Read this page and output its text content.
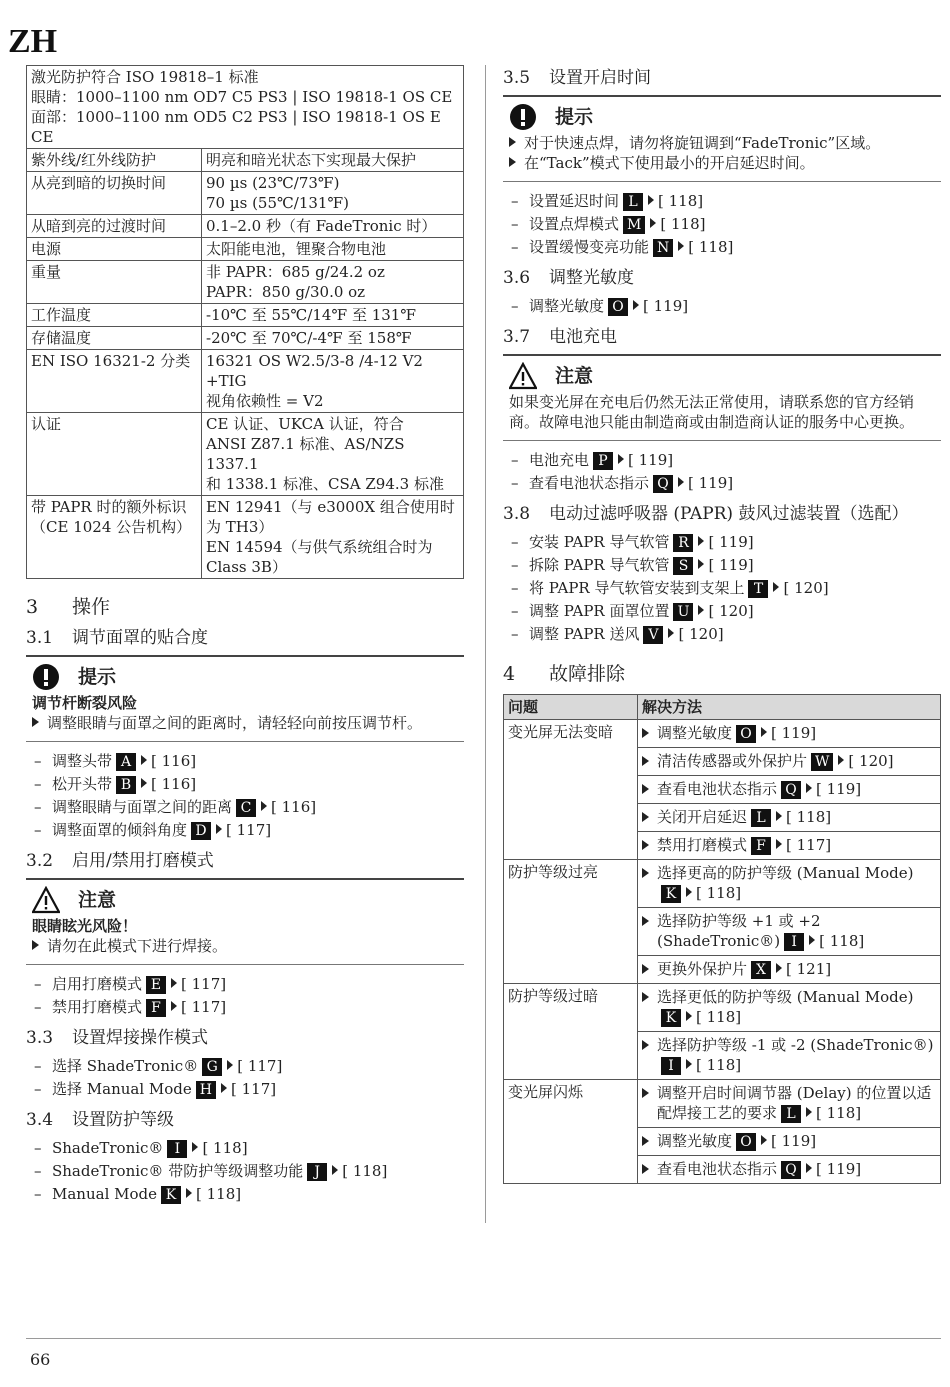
ZH
激光防护符合 ISO 19818–1 标准
眼睛：1000–1100 nm OD7 C5 PS3 | ISO 19818-1 OS CE
面部：1000–1100 nm OD5 C2 PS3 | ISO 19818-1 OS E CE	

紫外线/红外线防护	明亮和暗光状态下实现最大保护

从亮到暗的切换时间	90 µs (23℃/73℉)
70 µs (55℃/131℉)

从暗到亮的过渡时间	0.1–2.0 秒（有 FadeTronic 时）

电源	太阳能电池，锂聚合物电池

重量	非 PAPR：685 g/24.2 oz
PAPR：850 g/30.0 oz

工作温度	-10℃ 至 55℃/14℉ 至 131℉

存储温度	-20℃ 至 70℃/-4℉ 至 158℉

EN ISO 16321-2 分类	16321 OS W2.5/3-8 /4-12 V2 +TIG
视角依赖性 = V2

认证	CE 认证、UKCA 认证，符合
ANSI Z87.1 标准、AS/NZS 1337.1
和 1338.1 标准、CSA Z94.3 标准

带 PAPR 时的额外标识（CE 1024 公告机构）	EN 12941（与 e3000X 组合使用时为 TH3）
EN 14594（与供气系统组合时为 Class 3B）
3	操作
3.1	调节面罩的贴合度
提示
调节杆断裂风险
调整眼睛与面罩之间的距离时，请轻轻向前按压调节杆。
– 调整头带 A [ 116]
– 松开头带 B [ 116]
– 调整眼睛与面罩之间的距离 C [ 116]
– 调整面罩的倾斜角度 D [ 117]
3.2	启用/禁用打磨模式
注意
眼睛眩光风险！
请勿在此模式下进行焊接。
– 启用打磨模式 E [ 117]
– 禁用打磨模式 F [ 117]
3.3	设置焊接操作模式
– 选择 ShadeTronic® G [ 117]
– 选择 Manual Mode H [ 117]
3.4	设置防护等级
– ShadeTronic® I [ 118]
– ShadeTronic® 带防护等级调整功能 J [ 118]
– Manual Mode K [ 118]
3.5	设置开启时间
提示
对于快速点焊，请勿将旋钮调到“FadeTronic”区域。
在“Tack”模式下使用最小的开启延迟时间。
– 设置延迟时间 L [ 118]
– 设置点焊模式 M [ 118]
– 设置缓慢变亮功能 N [ 118]
3.6	调整光敏度
– 调整光敏度 O [ 119]
3.7	电池充电
注意
如果变光屏在充电后仍然无法正常使用，请联系您的官方经销商。故障电池只能由制造商或由制造商认证的服务中心更换。
– 电池充电 P [ 119]
– 查看电池状态指示 Q [ 119]
3.8	电动过滤呼吸器 (PAPR) 鼓风过滤装置（选配）
– 安装 PAPR 导气软管 R [ 119]
– 拆除 PAPR 导气软管 S [ 119]
– 将 PAPR 导气软管安装到支架上 T [ 120]
– 调整 PAPR 面罩位置 U [ 120]
– 调整 PAPR 送风 V [ 120]
4	故障排除
问题	解决方法
变光屏无法变暗	调整光敏度 O [ 119]
清洁传感器或外保护片 W [ 120]
查看电池状态指示 Q [ 119]
关闭开启延迟 L [ 118]
禁用打磨模式 F [ 117]

防护等级过亮	选择更高的防护等级 (Manual Mode)K [ 118]
选择防护等级 +1 或 +2 (ShadeTronic®) I [ 118]
更换外保护片 X [ 121]

防护等级过暗	选择更低的防护等级 (Manual Mode)K [ 118]
选择防护等级 -1 或 -2 (ShadeTronic®)I [ 118]

变光屏闪烁	调整开启时间调节器 (Delay) 的位置以适配焊接工艺的要求 L [ 118]
调整光敏度 O [ 119]
查看电池状态指示 Q [ 119]
66
